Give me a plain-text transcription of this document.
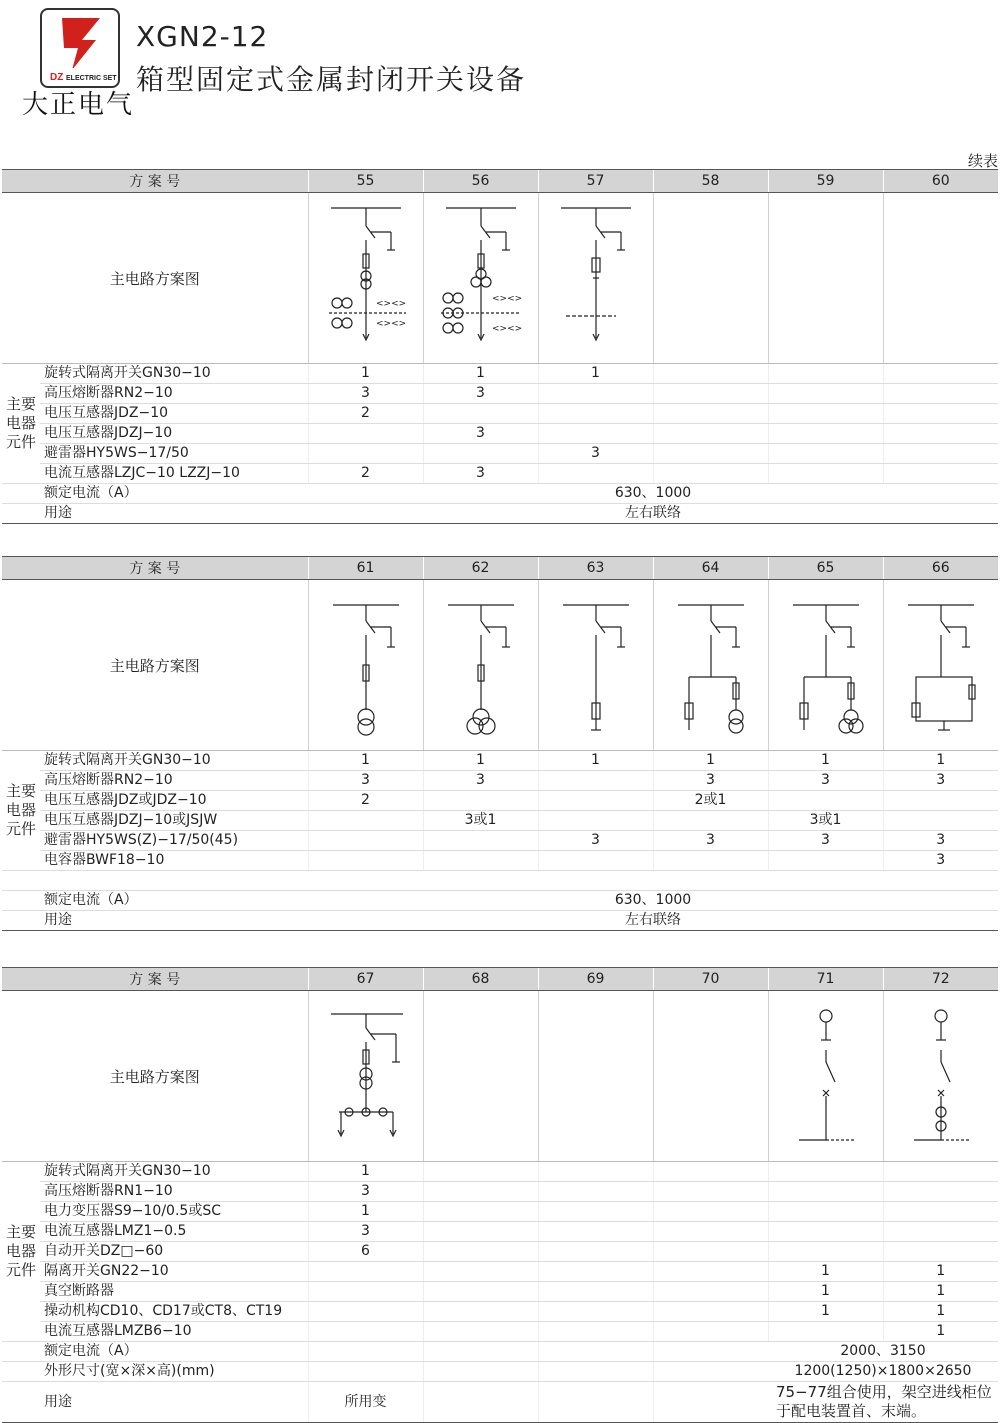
DZ ELECTRIC SET
大正电气
XGN2-12
箱型固定式金属封闭开关设备
续表
方 案 号		55	56	57	58	59	60
主电路方案图		<><>
<><>	<><>
<><>

主要电器元件	旋转式隔离开关GN30−10	1	1	1			
	高压熔断器RN2−10	3	3				
	电压互感器JDZ−10	2					
	电压互感器JDZJ−10		3				
	避雷器HY5WS−17/50			3			
	电流互感器LZJC−10 LZZJ−10	2	3				
	额定电流（A）	630、1000					
	用途	左右联络					
方 案 号		61	62	63	64	65	66
主电路方案图	

主要电器元件	旋转式隔离开关GN30−10	1	1	1	1	1	1
	高压熔断器RN2−10	3	3		3	3	3
	电压互感器JDZ或JDZ−10	2			2或1		
	电压互感器JDZJ−10或JSJW		3或1			3或1	
	避雷器HY5WS(Z)−17/50(45)			3	3	3	3
	电容器BWF18−10						3

	额定电流（A）	630、1000					
	用途	左右联络					
方 案 号		67	68	69	70	71	72
主电路方案图	

主要电器元件	旋转式隔离开关GN30−10	1					
	高压熔断器RN1−10	3					
	电力变压器S9−10/0.5或SC	1					
	电流互感器LMZ1−0.5	3					
	自动开关DZ□−60	6					
	隔离开关GN22−10					1	1
	真空断路器					1	1
	操动机构CD10、CD17或CT8、CT19					1	1
	电流互感器LMZB6−10						1
	额定电流（A）					2000、3150	
	外形尺寸(宽×深×高)(mm)					1200(1250)×1800×2650	
	用途	所用变				75−77组合使用，架空进线柜位于配电装置首、末端。	
